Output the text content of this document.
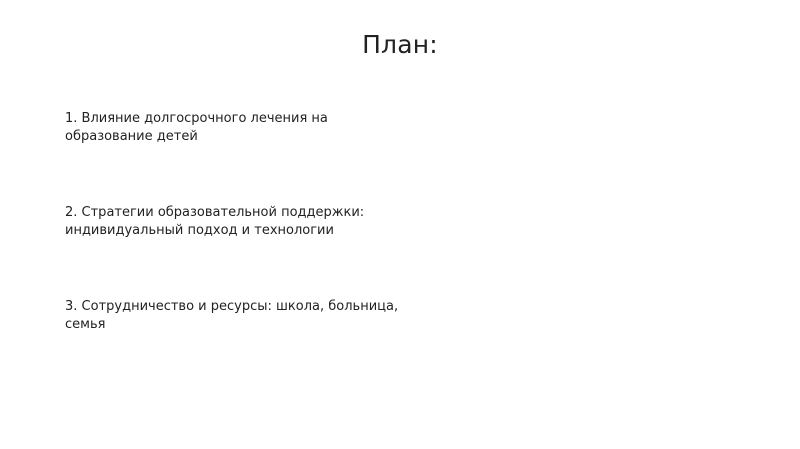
План:
1. Влияние долгосрочного лечения на образование детей
2. Стратегии образовательной поддержки: индивидуальный подход и технологии
3. Сотрудничество и ресурсы: школа, больница, семья
